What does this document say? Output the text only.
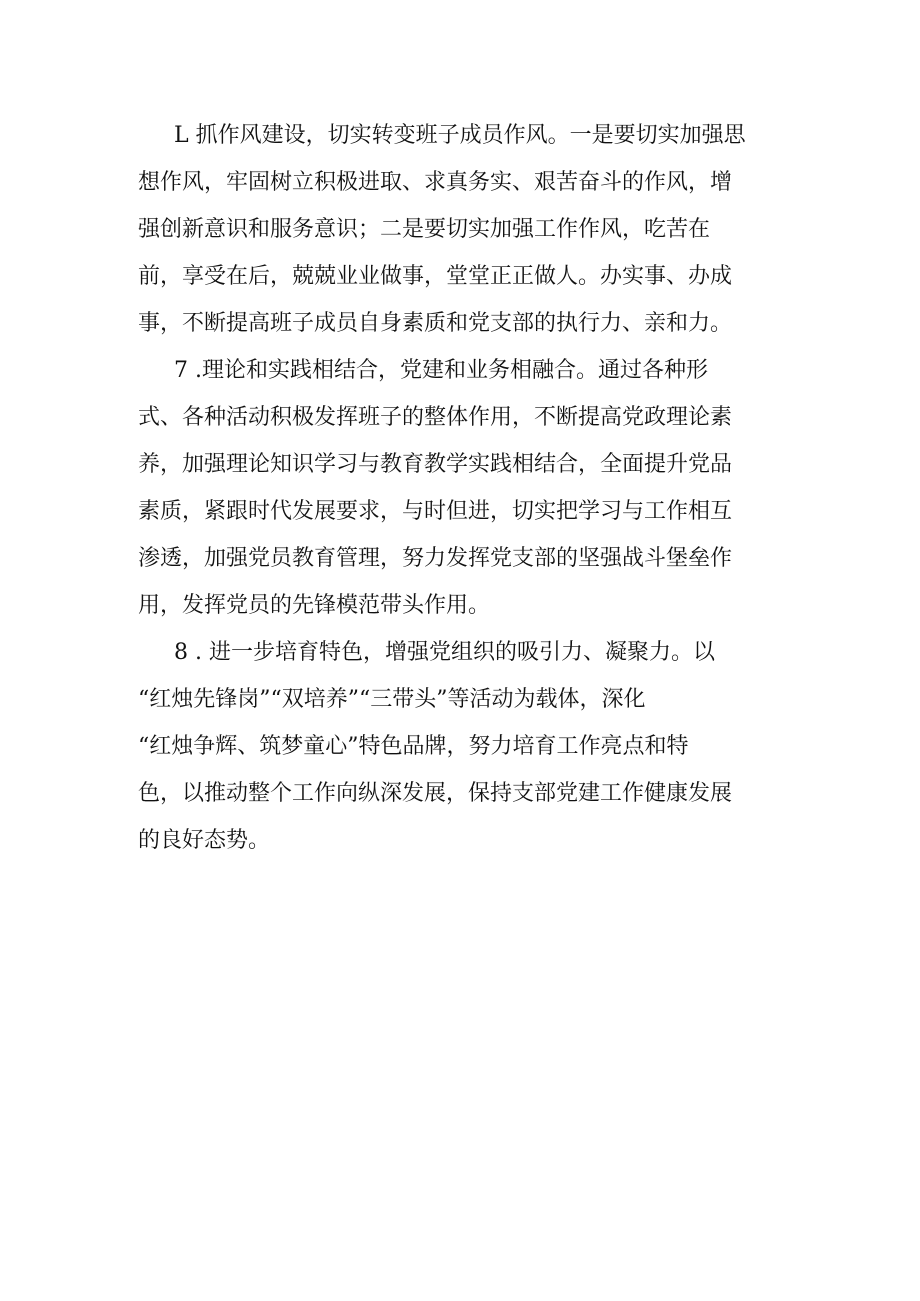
L 抓作风建设，切实转变班子成员作风。一是要切实加强思
想作风，牢固树立积极进取、求真务实、艰苦奋斗的作风，增
强创新意识和服务意识；二是要切实加强工作作风，吃苦在
前，享受在后，兢兢业业做事，堂堂正正做人。办实事、办成
事，不断提高班子成员自身素质和党支部的执行力、亲和力。
7 .理论和实践相结合，党建和业务相融合。通过各种形
式、各种活动积极发挥班子的整体作用，不断提高党政理论素
养，加强理论知识学习与教育教学实践相结合，全面提升党品
素质，紧跟时代发展要求，与时但进，切实把学习与工作相互
渗透，加强党员教育管理，努力发挥党支部的坚强战斗堡垒作
用，发挥党员的先锋模范带头作用。
8 . 进一步培育特色，增强党组织的吸引力、凝聚力。以
“红烛先锋岗”“双培养”“三带头”等活动为载体，深化
“红烛争辉、筑梦童心”特色品牌，努力培育工作亮点和特
色，以推动整个工作向纵深发展，保持支部党建工作健康发展
的良好态势。
